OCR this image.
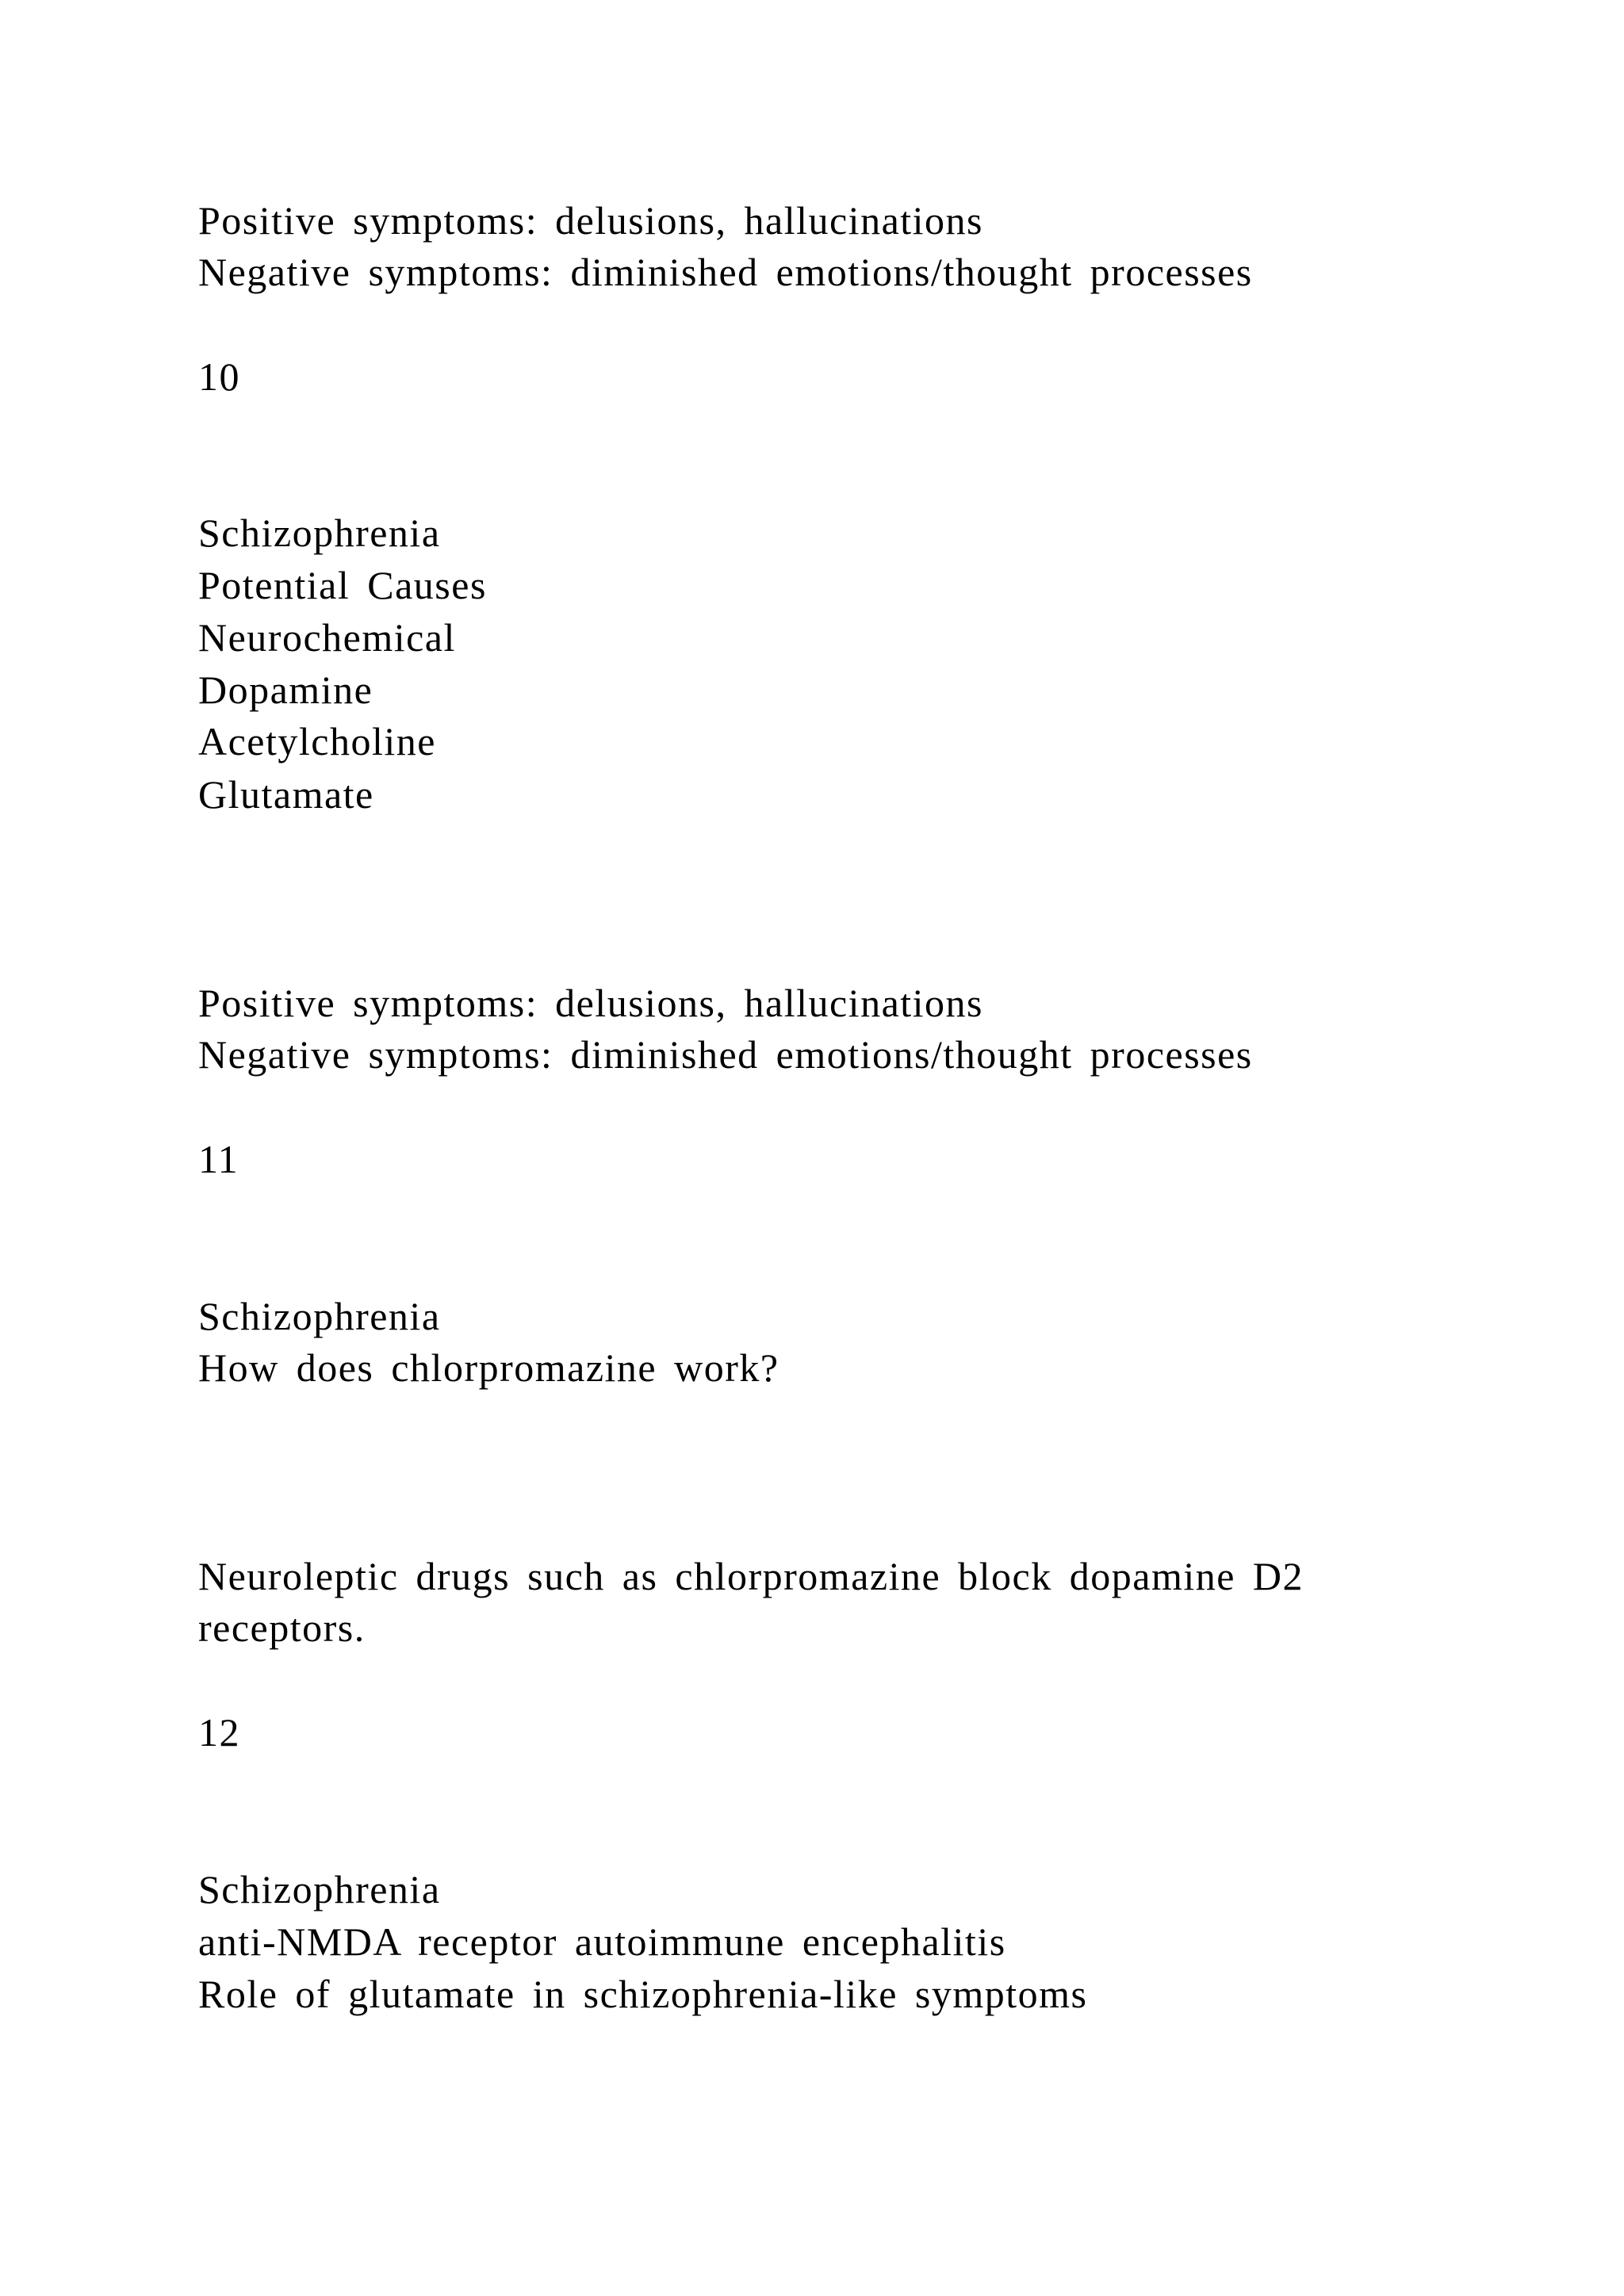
Positive symptoms: delusions, hallucinations

Negative symptoms: diminished emotions/thought processes

10

Schizophrenia

Potential Causes

Neurochemical

Dopamine

Acetylcholine

Glutamate

Positive symptoms: delusions, hallucinations

Negative symptoms: diminished emotions/thought processes

11

Schizophrenia

How does chlorpromazine work?

Neuroleptic drugs such as chlorpromazine block dopamine D2

receptors.

12

Schizophrenia

anti-NMDA receptor autoimmune encephalitis

Role of glutamate in schizophrenia-like symptoms
